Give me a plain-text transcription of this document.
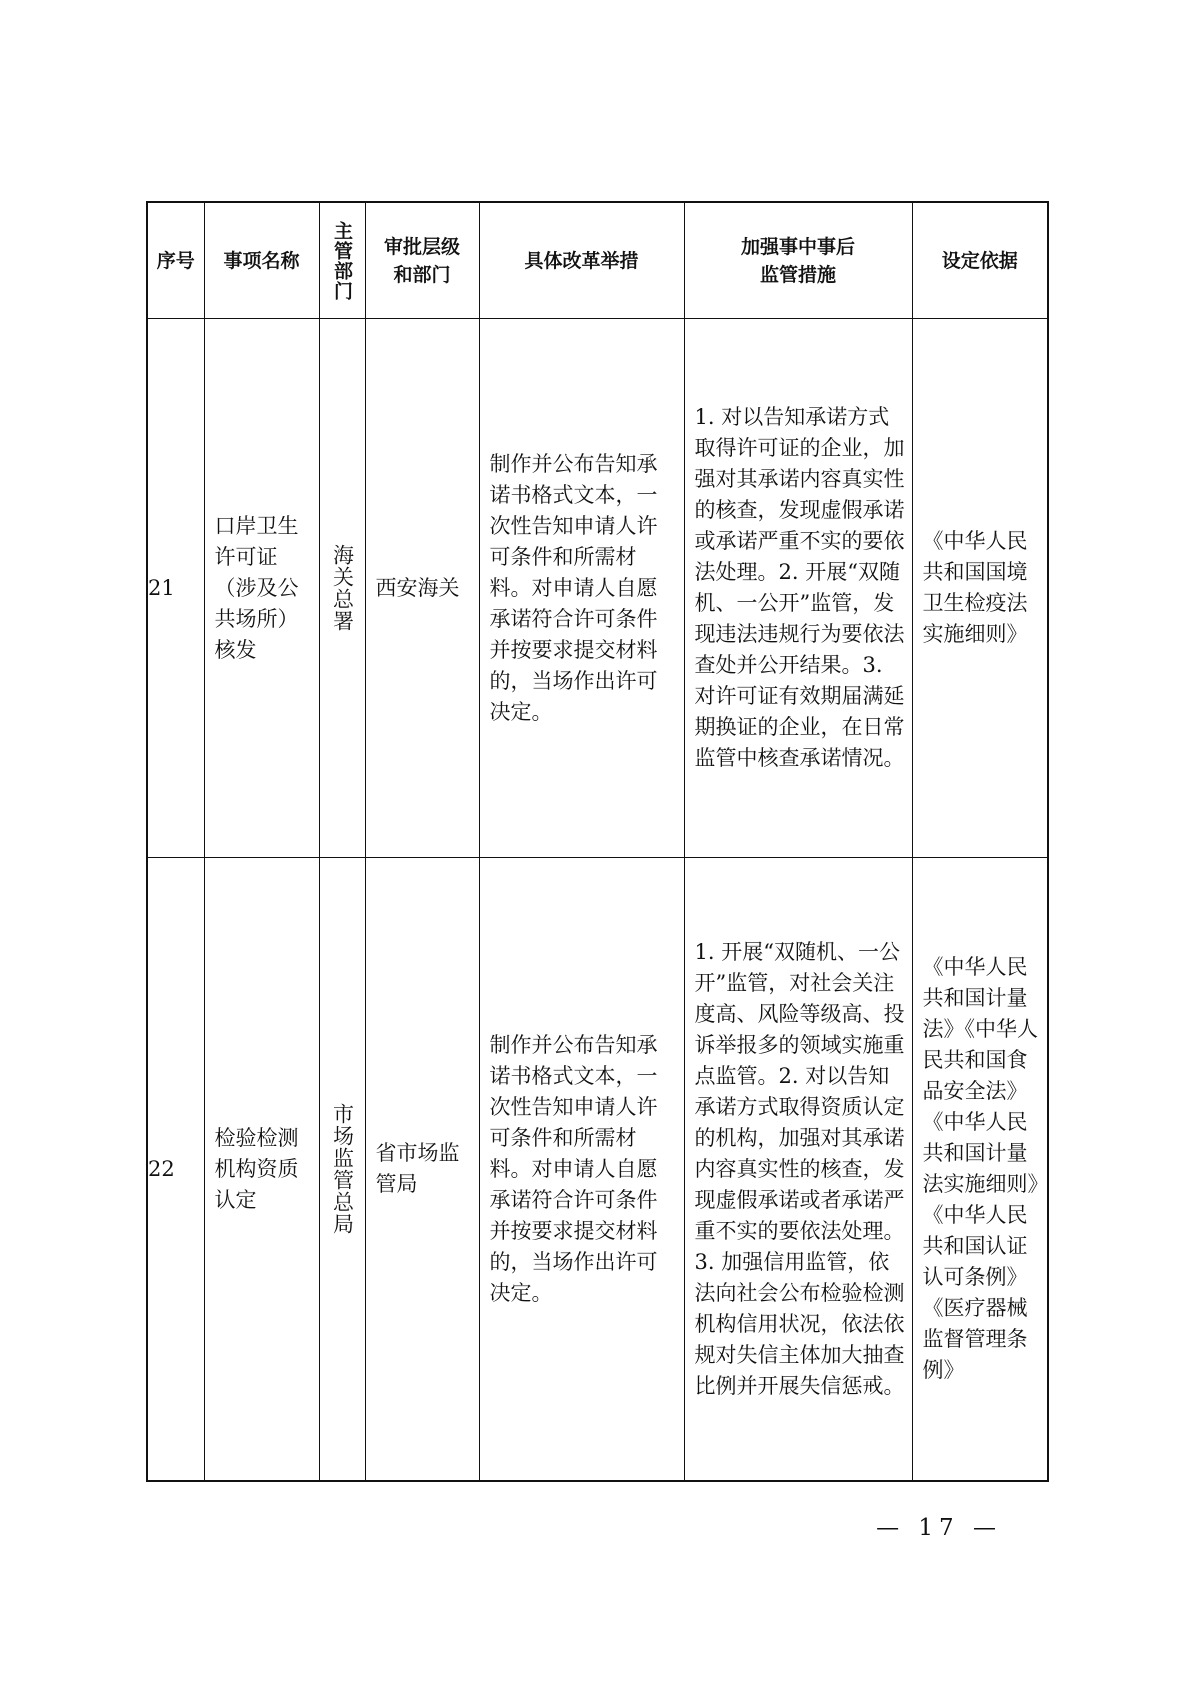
序号	事项名称	主管部门	审批层级和部门	具体改革举措	加强事中事后
监管措施	设定依据
21	口岸卫生许可证（涉及公共场所）核发	海关总署	西安海关	制作并公布告知承诺书格式文本，一次性告知申请人许可条件和所需材料。对申请人自愿承诺符合许可条件并按要求提交材料的，当场作出许可决定。	1. 对以告知承诺方式取得许可证的企业，加强对其承诺内容真实性的核查，发现虚假承诺或承诺严重不实的要依法处理。2. 开展“双随机、一公开”监管，发现违法违规行为要依法查处并公开结果。3. 对许可证有效期届满延期换证的企业，在日常监管中核查承诺情况。	《中华人民共和国国境卫生检疫法实施细则》

22	检验检测机构资质认定	市场监管总局	省市场监管局	制作并公布告知承诺书格式文本，一次性告知申请人许可条件和所需材料。对申请人自愿承诺符合许可条件并按要求提交材料的，当场作出许可决定。	1. 开展“双随机、一公开”监管，对社会关注度高、风险等级高、投诉举报多的领域实施重点监管。2. 对以告知承诺方式取得资质认定的机构，加强对其承诺内容真实性的核查，发现虚假承诺或者承诺严重不实的要依法处理。3. 加强信用监管，依法向社会公布检验检测机构信用状况，依法依规对失信主体加大抽查比例并开展失信惩戒。	《中华人民共和国计量法》《中华人民共和国食品安全法》《中华人民共和国计量法实施细则》《中华人民共和国认证认可条例》《医疗器械监督管理条例》
— 17 —
